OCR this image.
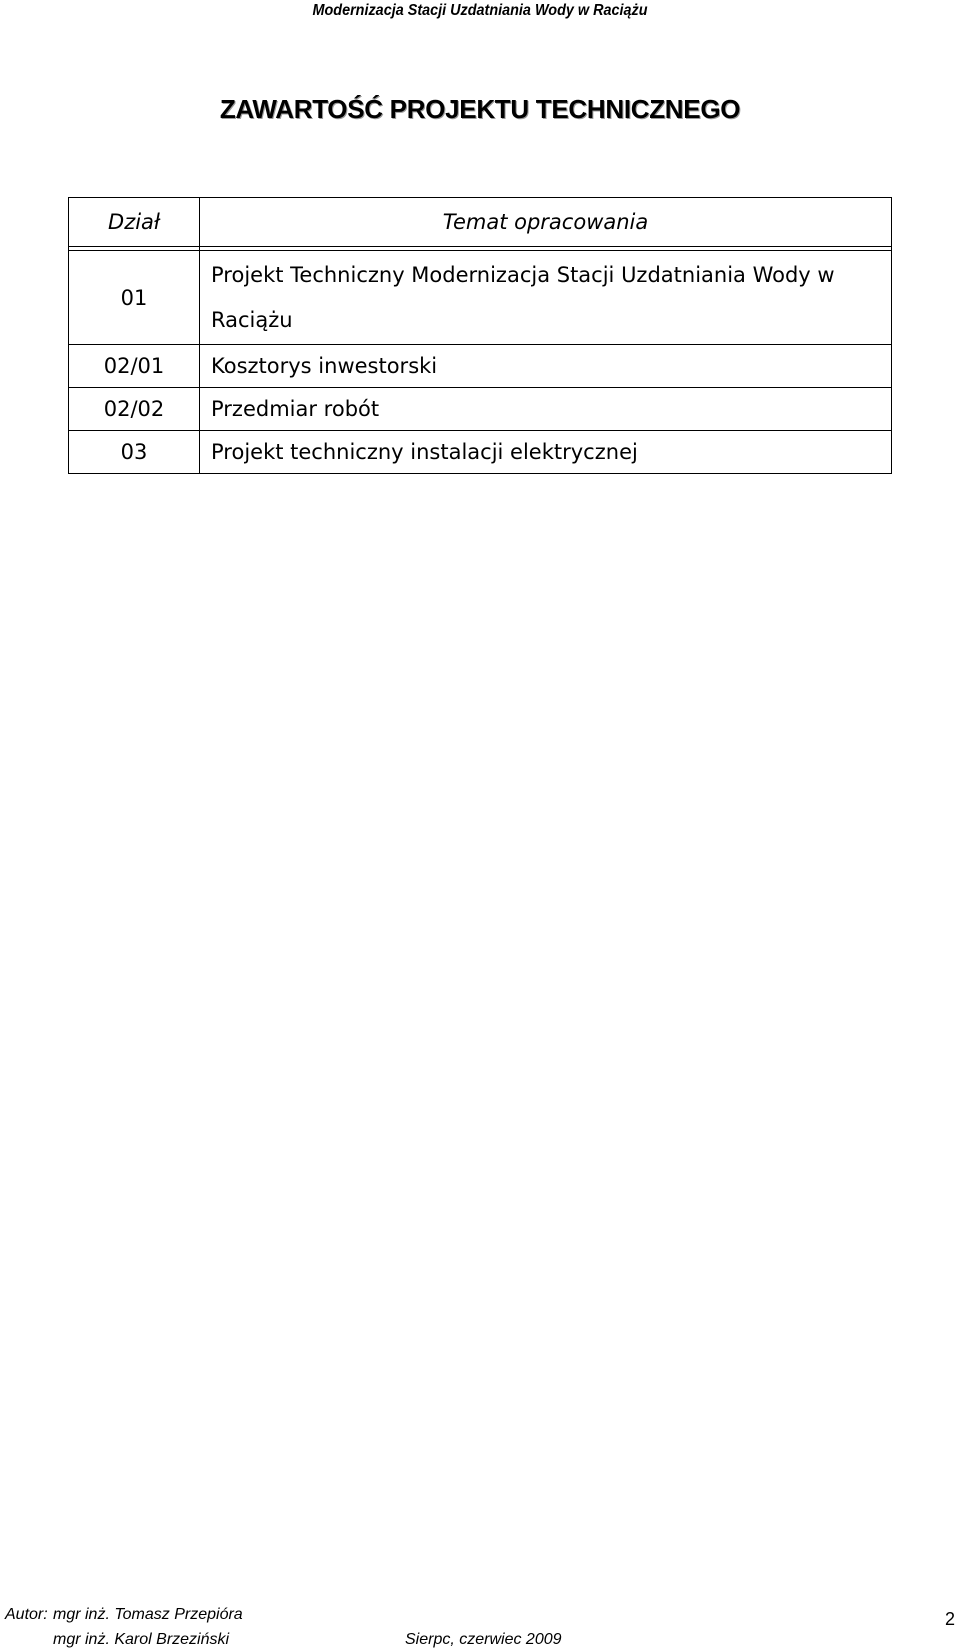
Modernizacja Stacji Uzdatniania Wody w Raciążu
ZAWARTOŚĆ PROJEKTU TECHNICZNEGO
Dział	Temat opracowania

01	Projekt Techniczny Modernizacja Stacji Uzdatniania Wody w Raciążu
02/01	Kosztorys inwestorski
02/02	Przedmiar robót
03	Projekt techniczny instalacji elektrycznej
Autor: mgr inż. Tomasz Przepióra
mgr inż. Karol Brzeziński	Sierpc, czerwiec 2009
2
